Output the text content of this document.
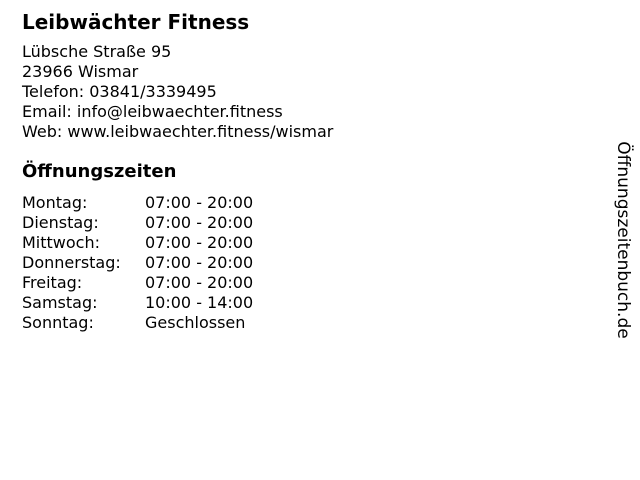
Leibwächter Fitness
Lübsche Straße 95
23966 Wismar
Telefon: 03841/3339495
Email: info@leibwaechter.fitness
Web: www.leibwaechter.fitness/wismar
Öffnungszeiten
Montag:	07:00 - 20:00
Dienstag:	07:00 - 20:00
Mittwoch:	07:00 - 20:00
Donnerstag:	07:00 - 20:00
Freitag:	07:00 - 20:00
Samstag:	10:00 - 14:00
Sonntag:	Geschlossen	Öffnungszeitenbuch.de
